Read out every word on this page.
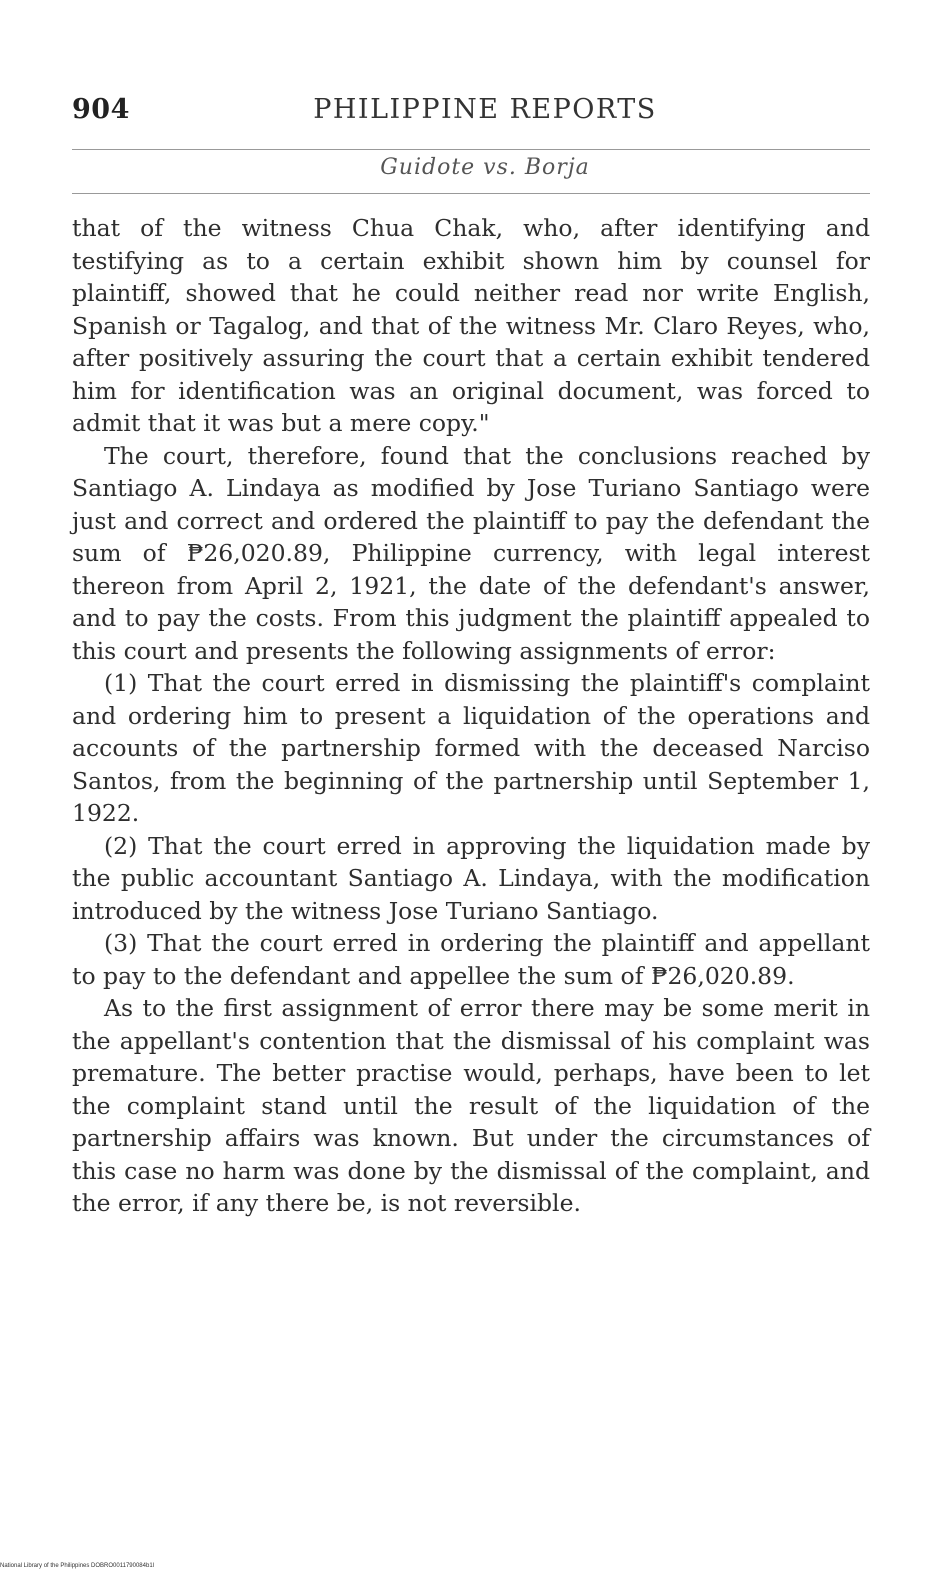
904	PHILIPPINE REPORTS
Guidote vs. Borja

that of the witness Chua Chak, who, after identifying and testifying as to a certain exhibit shown him by counsel for plaintiff, showed that he could neither read nor write English, Spanish or Tagalog, and that of the witness Mr. Claro Reyes, who, after positively assuring the court that a certain exhibit tendered him for identification was an original document, was forced to admit that it was but a mere copy."

The court, therefore, found that the conclusions reached by Santiago A. Lindaya as modified by Jose Turiano Santiago were just and correct and ordered the plaintiff to pay the defendant the sum of ₱26,020.89, Philippine currency, with legal interest thereon from April 2, 1921, the date of the defendant's answer, and to pay the costs. From this judgment the plaintiff appealed to this court and presents the following assignments of error:

(1) That the court erred in dismissing the plaintiff's complaint and ordering him to present a liquidation of the operations and accounts of the partnership formed with the deceased Narciso Santos, from the beginning of the partnership until September 1, 1922.

(2) That the court erred in approving the liquidation made by the public accountant Santiago A. Lindaya, with the modification introduced by the witness Jose Turiano Santiago.

(3) That the court erred in ordering the plaintiff and appellant to pay to the defendant and appellee the sum of ₱26,020.89.

As to the first assignment of error there may be some merit in the appellant's contention that the dismissal of his complaint was premature. The better practise would, perhaps, have been to let the complaint stand until the result of the liquidation of the partnership affairs was known. But under the circumstances of this case no harm was done by the dismissal of the complaint, and the error, if any there be, is not reversible.

National Library of the Philippines DOBRO0011790084b1l
